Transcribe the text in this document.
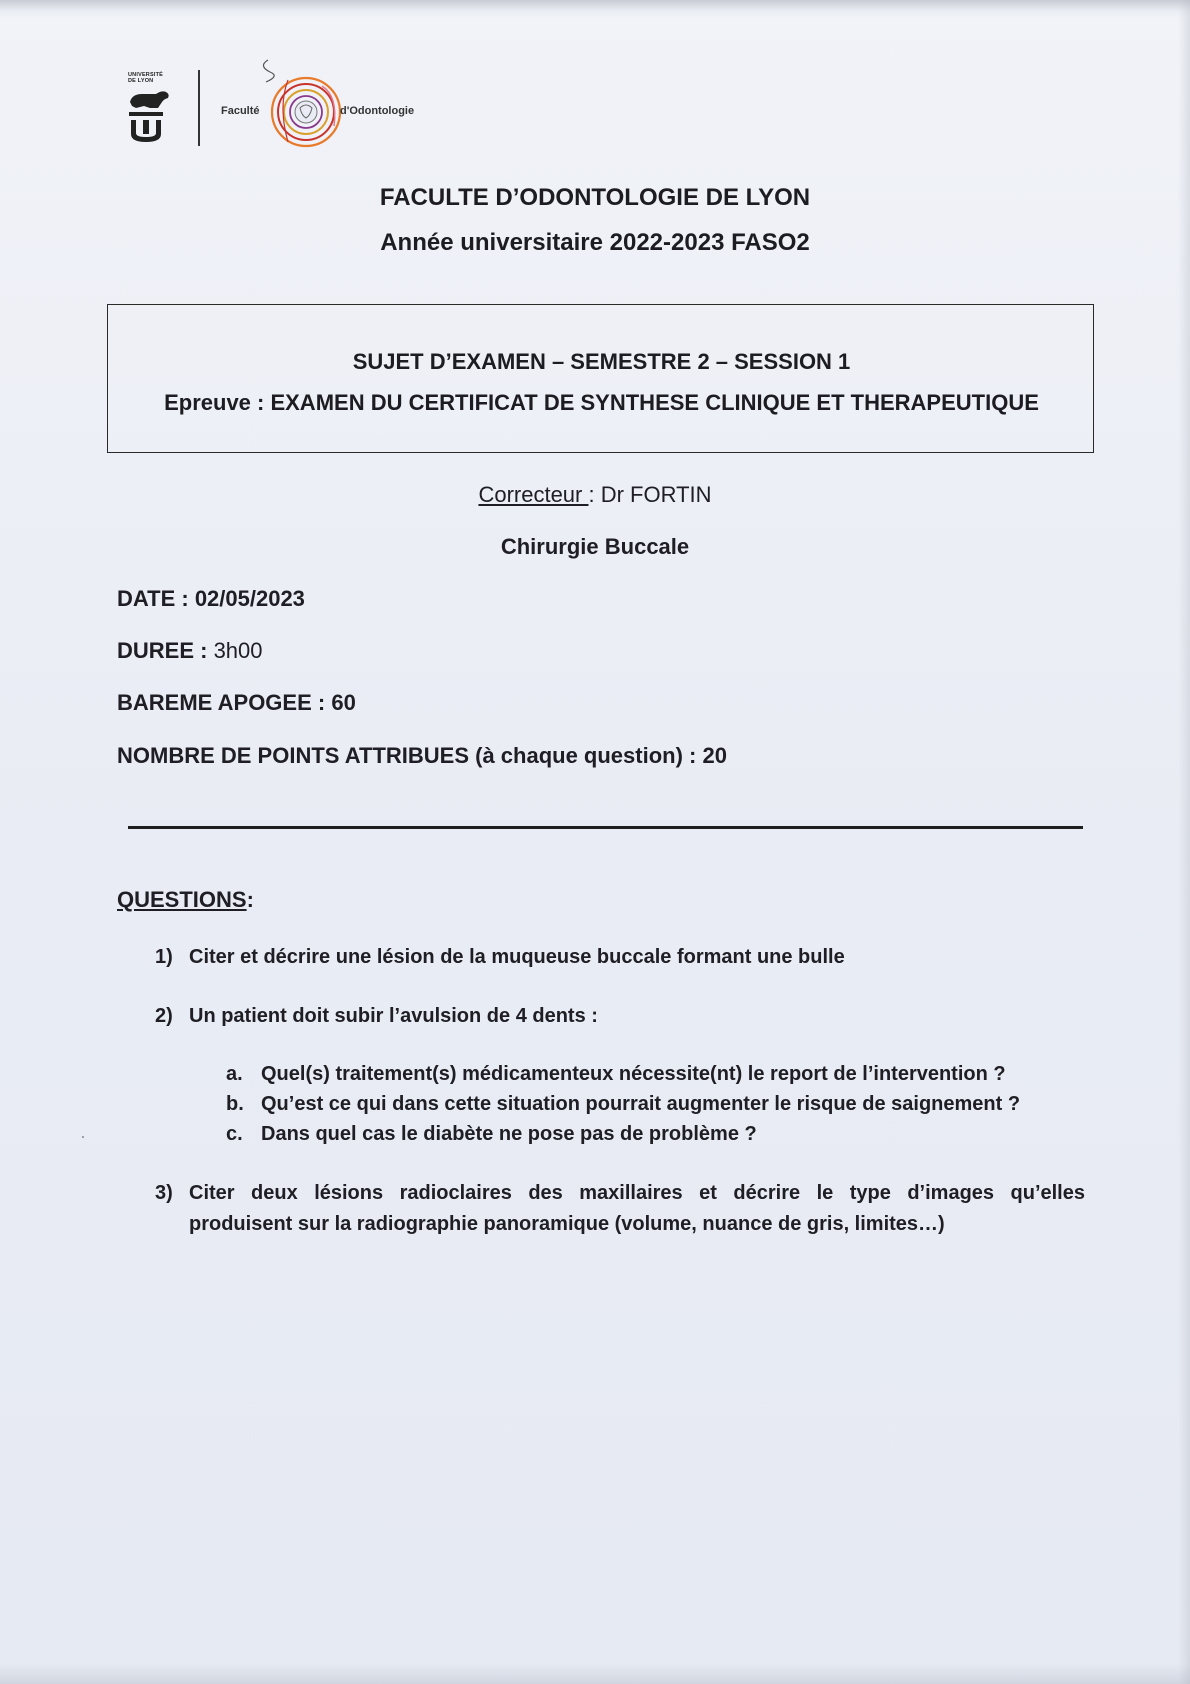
UNIVERSITÉ DE LYON
Faculté	d'Odontologie
FACULTE D’ODONTOLOGIE DE LYON
Année universitaire 2022-2023 FASO2
SUJET D’EXAMEN – SEMESTRE 2 – SESSION 1
Epreuve : EXAMEN DU CERTIFICAT DE SYNTHESE CLINIQUE ET THERAPEUTIQUE
Correcteur : Dr FORTIN
Chirurgie Buccale
DATE : 02/05/2023
DUREE : 3h00
BAREME APOGEE : 60
NOMBRE DE POINTS ATTRIBUES (à chaque question) : 20
QUESTIONS:
1) Citer et décrire une lésion de la muqueuse buccale formant une bulle
2) Un patient doit subir l’avulsion de 4 dents :
a. Quel(s) traitement(s) médicamenteux nécessite(nt) le report de l’intervention ?
b. Qu’est ce qui dans cette situation pourrait augmenter le risque de saignement ?
c. Dans quel cas le diabète ne pose pas de problème ?
3) Citer deux lésions radioclaires des maxillaires et décrire le type d’images qu’elles
produisent sur la radiographie panoramique (volume, nuance de gris, limites…)
